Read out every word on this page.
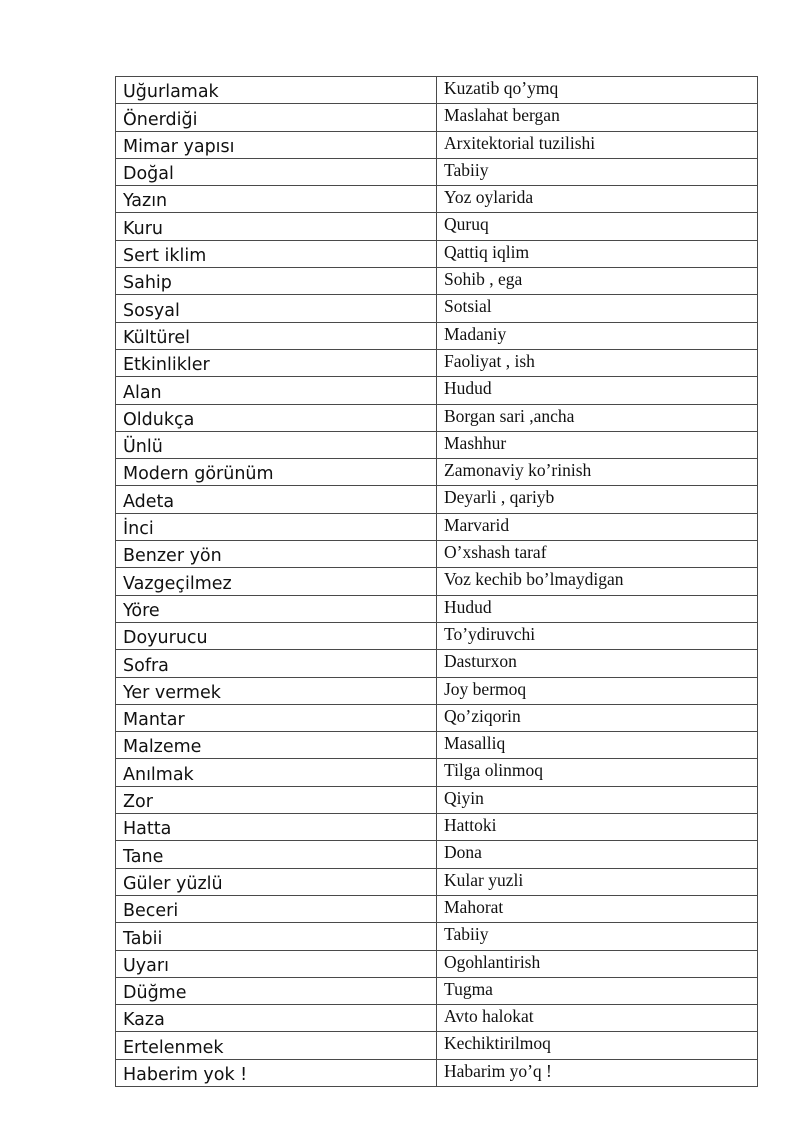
Uğurlamak	Kuzatib qo’ymq
Önerdiği	Maslahat bergan
Mimar yapısı	Arxitektorial tuzilishi
Doğal	Tabiiy
Yazın	Yoz oylarida
Kuru	Quruq
Sert iklim	Qattiq iqlim
Sahip	Sohib , ega
Sosyal	Sotsial
Kültürel	Madaniy
Etkinlikler	Faoliyat , ish
Alan	Hudud
Oldukça	Borgan sari ,ancha
Ünlü	Mashhur
Modern görünüm	Zamonaviy ko’rinish
Adeta	Deyarli , qariyb
İnci	Marvarid
Benzer yön	O’xshash taraf
Vazgeçilmez	Voz kechib bo’lmaydigan
Yöre	Hudud
Doyurucu	To’ydiruvchi
Sofra	Dasturxon
Yer vermek	Joy bermoq
Mantar	Qo’ziqorin
Malzeme	Masalliq
Anılmak	Tilga olinmoq
Zor	Qiyin
Hatta	Hattoki
Tane	Dona
Güler yüzlü	Kular yuzli
Beceri	Mahorat
Tabii	Tabiiy
Uyarı	Ogohlantirish
Düğme	Tugma
Kaza	Avto halokat
Ertelenmek	Kechiktirilmoq
Haberim yok !	Habarim yo’q !
